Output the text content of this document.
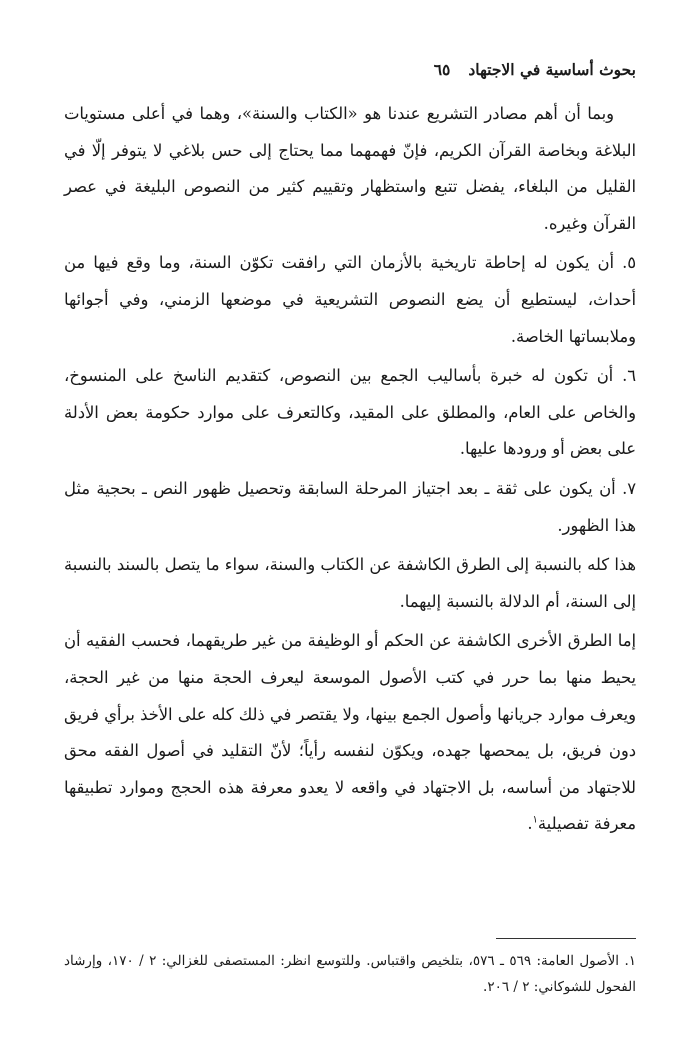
بحوث أساسية في الاجتهاد
٦٥

وبما أن أهم مصادر التشريع عندنا هو «الكتاب والسنة»، وهما في أعلى مستويات البلاغة وبخاصة القرآن الكريم، فإنّ فهمهما مما يحتاج إلى حس بلاغي لا يتوفر إلّا في القليل من البلغاء، يفضل تتبع واستظهار وتقييم كثير من النصوص البليغة في عصر القرآن وغيره.

٥. أن يكون له إحاطة تاريخية بالأزمان التي رافقت تكوّن السنة، وما وقع فيها من أحداث، ليستطيع أن يضع النصوص التشريعية في موضعها الزمني، وفي أجوائها وملابساتها الخاصة.

٦. أن تكون له خبرة بأساليب الجمع بين النصوص، كتقديم الناسخ على المنسوخ، والخاص على العام، والمطلق على المقيد، وكالتعرف على موارد حكومة بعض الأدلة على بعض أو ورودها عليها.

٧. أن يكون على ثقة ـ بعد اجتياز المرحلة السابقة وتحصيل ظهور النص ـ بحجية مثل هذا الظهور.

هذا كله بالنسبة إلى الطرق الكاشفة عن الكتاب والسنة، سواء ما يتصل بالسند بالنسبة إلى السنة، أم الدلالة بالنسبة إليهما.

إما الطرق الأخرى الكاشفة عن الحكم أو الوظيفة من غير طريقهما، فحسب الفقيه أن يحيط منها بما حرر في كتب الأصول الموسعة ليعرف الحجة منها من غير الحجة، ويعرف موارد جريانها وأصول الجمع بينها، ولا يقتصر في ذلك كله على الأخذ برأي فريق دون فريق، بل يمحصها جهده، ويكوّن لنفسه رأياً؛ لأنّ التقليد في أصول الفقه محق للاجتهاد من أساسه، بل الاجتهاد في واقعه لا يعدو معرفة هذه الحجج وموارد تطبيقها معرفة تفصيلية$^١$.

١. الأصول العامة: ٥٦٩ ـ ٥٧٦، بتلخيص واقتباس. وللتوسع انظر: المستصفى للغزالي: ٢ / ١٧٠، وإرشاد الفحول للشوكاني: ٢ / ٢٠٦.
